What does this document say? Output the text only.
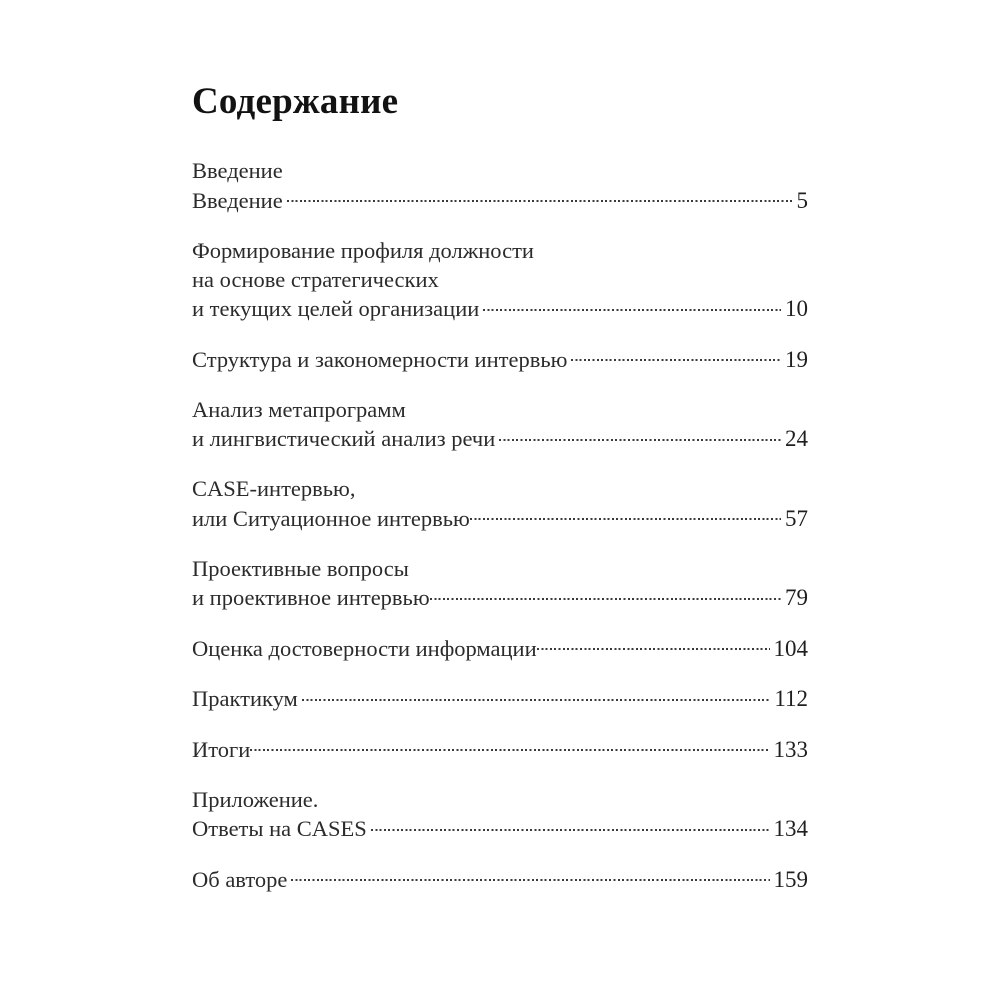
Содержание
Введение
Введение	5
Формирование профиля должности
на основе стратегических
и текущих целей организации	10
Структура и закономерности интервью	19
Анализ метапрограмм
и лингвистический анализ речи	24
CASE-интервью,
или Ситуационное интервью	57
Проективные вопросы
и проективное интервью	79
Оценка достоверности информации	104
Практикум	112
Итоги	133
Приложение.
Ответы на CASES	134
Об авторе	159
